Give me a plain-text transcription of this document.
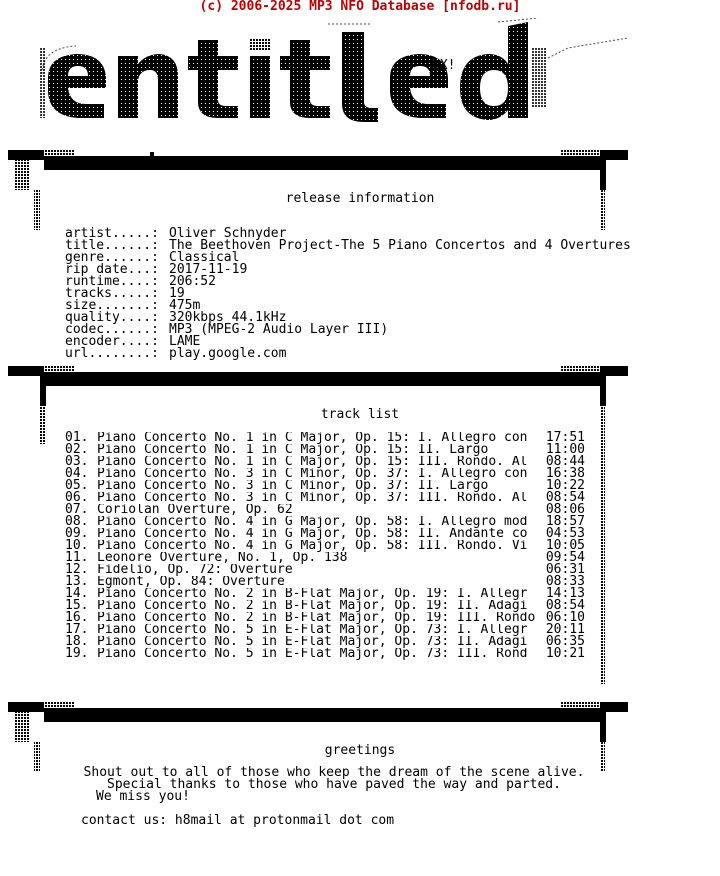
(c) 2006-2025 MP3 NFO Database [nfodb.ru]
hX!
release information
artist.....: Oliver Schnyder
title......: The Beethoven Project-The 5 Piano Concertos and 4 Overtures
genre......: Classical
rip date...: 2017-11-19
runtime....: 206:52
tracks.....: 19
size.......: 475m
quality....: 320kbps 44.1kHz
codec......: MP3 (MPEG-2 Audio Layer III)
encoder....: LAME
url........: play.google.com
track list
01. Piano Concerto No. 1 in C Major, Op. 15: I. Allegro con	17:51
02. Piano Concerto No. 1 in C Major, Op. 15: II. Largo	11:00
03. Piano Concerto No. 1 in C Major, Op. 15: III. Rondo. Al	08:44
04. Piano Concerto No. 3 in C Minor, Op. 37: I. Allegro con	16:38
05. Piano Concerto No. 3 in C Minor, Op. 37: II. Largo	10:22
06. Piano Concerto No. 3 in C Minor, Op. 37: III. Rondo. Al	08:54
07. Coriolan Overture, Op. 62	08:06
08. Piano Concerto No. 4 in G Major, Op. 58: I. Allegro mod	18:57
09. Piano Concerto No. 4 in G Major, Op. 58: II. Andante co	04:53
10. Piano Concerto No. 4 in G Major, Op. 58: III. Rondo. Vi	10:05
11. Leonore Overture, No. 1, Op. 138	09:54
12. Fidelio, Op. 72: Overture	06:31
13. Egmont, Op. 84: Overture	08:33
14. Piano Concerto No. 2 in B-Flat Major, Op. 19: I. Allegr	14:13
15. Piano Concerto No. 2 in B-Flat Major, Op. 19: II. Adagi	08:54
16. Piano Concerto No. 2 in B-Flat Major, Op. 19: III. Rondo 06:10
17. Piano Concerto No. 5 in E-Flat Major, Op. 73: I. Allegr	20:11
18. Piano Concerto No. 5 in E-Flat Major, Op. 73: II. Adagi	06:35
19. Piano Concerto No. 5 in E-Flat Major, Op. 73: III. Rond	10:21
greetings

Shout out to all of those who keep the dream of the scene alive.

Special thanks to those who have paved the way and parted.

We miss you!

contact us: h8mail at protonmail dot com
